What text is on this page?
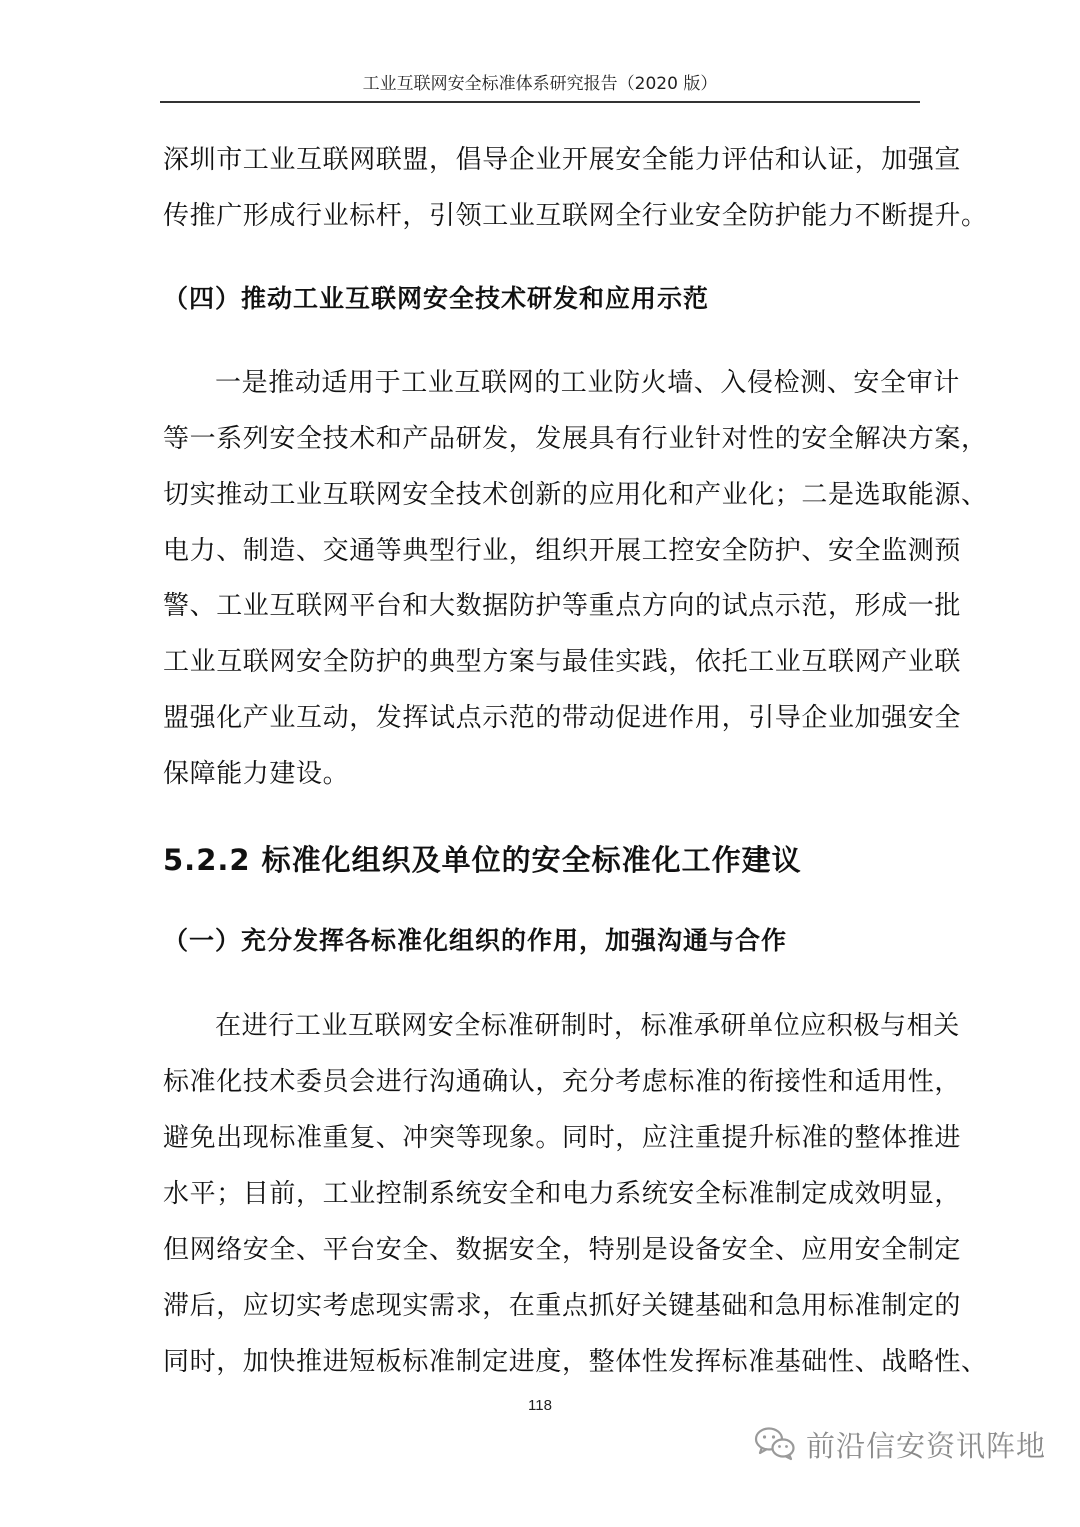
工业互联网安全标准体系研究报告（2020 版）
深圳市工业互联网联盟，倡导企业开展安全能力评估和认证，加强宣
传推广形成行业标杆，引领工业互联网全行业安全防护能力不断提升。
（四）推动工业互联网安全技术研发和应用示范
一是推动适用于工业互联网的工业防火墙、入侵检测、安全审计
等一系列安全技术和产品研发，发展具有行业针对性的安全解决方案，
切实推动工业互联网安全技术创新的应用化和产业化；二是选取能源、
电力、制造、交通等典型行业，组织开展工控安全防护、安全监测预
警、工业互联网平台和大数据防护等重点方向的试点示范，形成一批
工业互联网安全防护的典型方案与最佳实践，依托工业互联网产业联
盟强化产业互动，发挥试点示范的带动促进作用，引导企业加强安全
保障能力建设。
5.2.2 标准化组织及单位的安全标准化工作建议
（一）充分发挥各标准化组织的作用，加强沟通与合作
在进行工业互联网安全标准研制时，标准承研单位应积极与相关
标准化技术委员会进行沟通确认，充分考虑标准的衔接性和适用性，
避免出现标准重复、冲突等现象。同时，应注重提升标准的整体推进
水平；目前，工业控制系统安全和电力系统安全标准制定成效明显，
但网络安全、平台安全、数据安全，特别是设备安全、应用安全制定
滞后，应切实考虑现实需求，在重点抓好关键基础和急用标准制定的
同时，加快推进短板标准制定进度，整体性发挥标准基础性、战略性、
118
前沿信安资讯阵地
